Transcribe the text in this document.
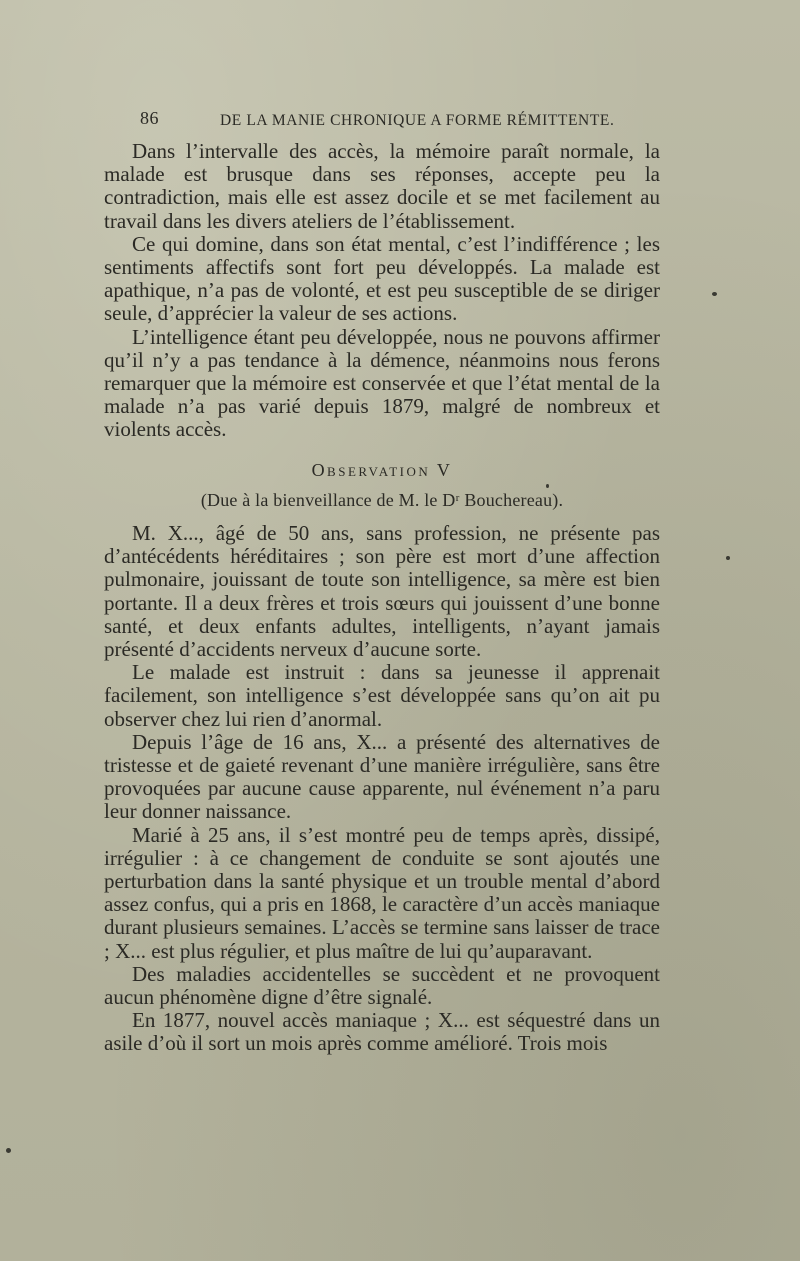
86	DE LA MANIE CHRONIQUE A FORME RÉMITTENTE.

Dans l’intervalle des accès, la mémoire paraît normale, la malade est brusque dans ses réponses, accepte peu la contradiction, mais elle est assez docile et se met facilement au travail dans les divers ateliers de l’établissement.

Ce qui domine, dans son état mental, c’est l’indifférence ; les sentiments affectifs sont fort peu développés. La malade est apathique, n’a pas de volonté, et est peu susceptible de se diriger seule, d’apprécier la valeur de ses actions.

L’intelligence étant peu développée, nous ne pouvons affirmer qu’il n’y a pas tendance à la démence, néanmoins nous ferons remarquer que la mémoire est conservée et que l’état mental de la malade n’a pas varié depuis 1879, malgré de nombreux et violents accès.

Observation V
(Due à la bienveillance de M. le Dʳ Bouchereau).

M. X..., âgé de 50 ans, sans profession, ne présente pas d’antécédents héréditaires ; son père est mort d’une affection pulmonaire, jouissant de toute son intelligence, sa mère est bien portante. Il a deux frères et trois sœurs qui jouissent d’une bonne santé, et deux enfants adultes, intelligents, n’ayant jamais présenté d’accidents nerveux d’aucune sorte.

Le malade est instruit : dans sa jeunesse il apprenait facilement, son intelligence s’est développée sans qu’on ait pu observer chez lui rien d’anormal.

Depuis l’âge de 16 ans, X... a présenté des alternatives de tristesse et de gaieté revenant d’une manière irrégulière, sans être provoquées par aucune cause apparente, nul événement n’a paru leur donner naissance.

Marié à 25 ans, il s’est montré peu de temps après, dissipé, irrégulier : à ce changement de conduite se sont ajoutés une perturbation dans la santé physique et un trouble mental d’abord assez confus, qui a pris en 1868, le caractère d’un accès maniaque durant plusieurs semaines. L’accès se termine sans laisser de trace ; X... est plus régulier, et plus maître de lui qu’auparavant.

Des maladies accidentelles se succèdent et ne provoquent aucun phénomène digne d’être signalé.

En 1877, nouvel accès maniaque ; X... est séquestré dans un asile d’où il sort un mois après comme amélioré. Trois mois
